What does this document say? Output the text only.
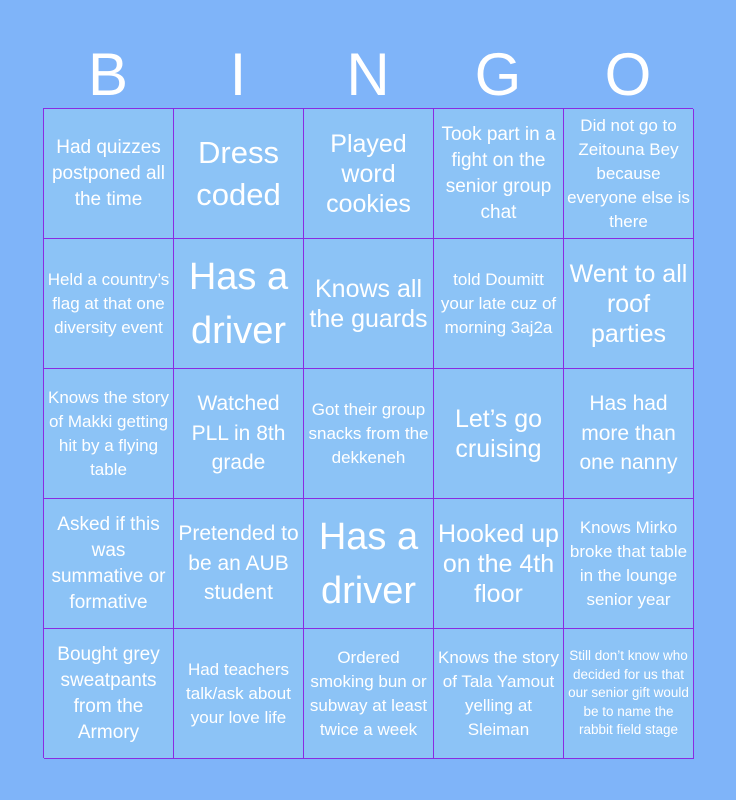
B	I	N	G	O
Had quizzes postponed all the time
Dress coded
Played word cookies
Took part in a fight on the senior group chat
Did not go to Zeitouna Bey because everyone else is there
Held a country’s flag at that one diversity event
Has a driver
Knows all the guards
told Doumitt your late cuz of morning 3aj2a
Went to all roof parties
Knows the story of Makki getting hit by a flying table
Watched PLL in 8th grade
Got their group snacks from the dekkeneh
Let’s go cruising
Has had more than one nanny
Asked if this was summative or formative
Pretended to be an AUB student
Has a driver
Hooked up on the 4th floor
Knows Mirko broke that table in the lounge senior year
Bought grey sweatpants from the Armory
Had teachers talk/ask about your love life
Ordered smoking bun or subway at least twice a week
Knows the story of Tala Yamout yelling at Sleiman
Still don’t know who decided for us that our senior gift would be to name the rabbit field stage
